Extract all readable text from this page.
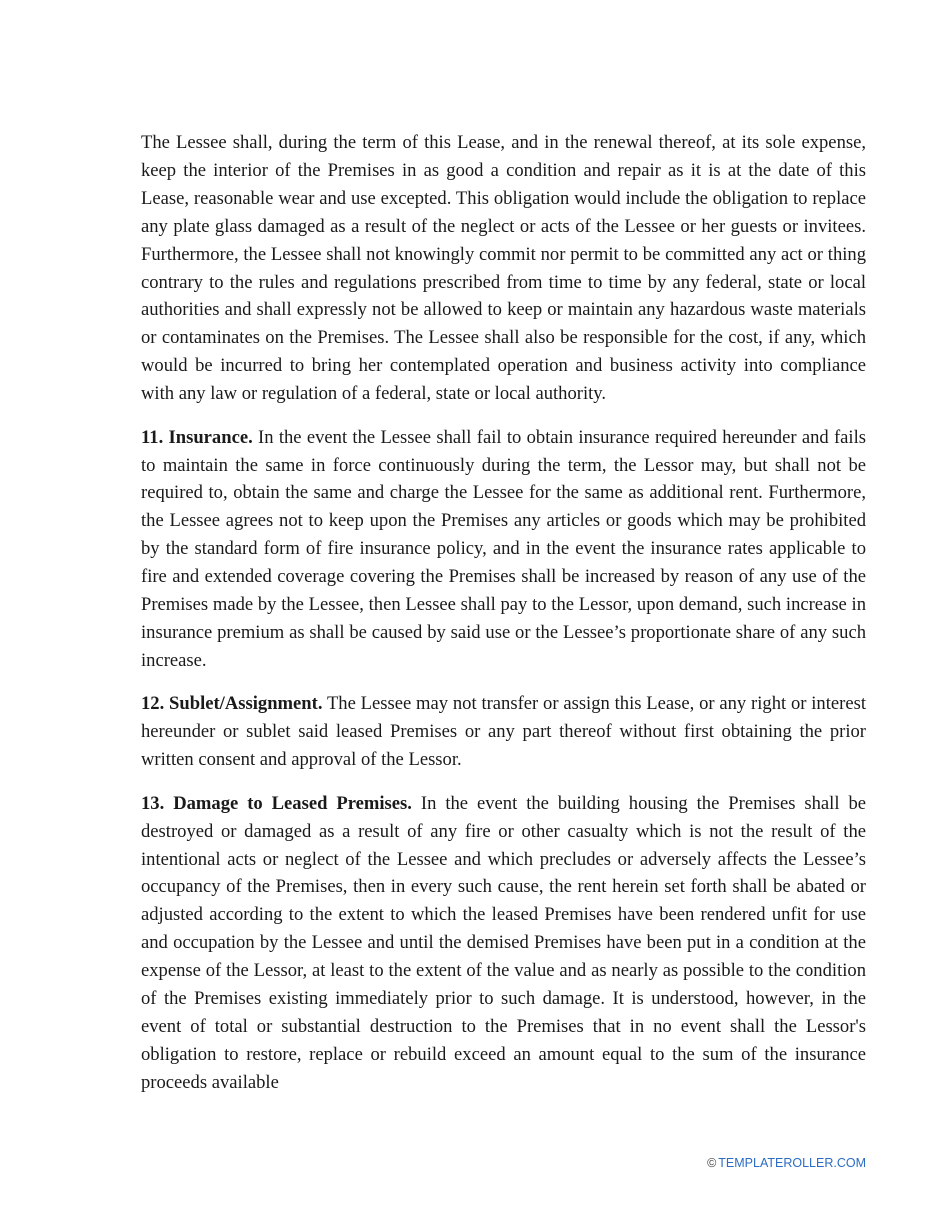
The Lessee shall, during the term of this Lease, and in the renewal thereof, at its sole expense, keep the interior of the Premises in as good a condition and repair as it is at the date of this Lease, reasonable wear and use excepted. This obligation would include the obligation to replace any plate glass damaged as a result of the neglect or acts of the Lessee or her guests or invitees. Furthermore, the Lessee shall not knowingly commit nor permit to be committed any act or thing contrary to the rules and regulations prescribed from time to time by any federal, state or local authorities and shall expressly not be allowed to keep or maintain any hazardous waste materials or contaminates on the Premises. The Lessee shall also be responsible for the cost, if any, which would be incurred to bring her contemplated operation and business activity into compliance with any law or regulation of a federal, state or local authority.

11. Insurance. In the event the Lessee shall fail to obtain insurance required hereunder and fails to maintain the same in force continuously during the term, the Lessor may, but shall not be required to, obtain the same and charge the Lessee for the same as additional rent. Furthermore, the Lessee agrees not to keep upon the Premises any articles or goods which may be prohibited by the standard form of fire insurance policy, and in the event the insurance rates applicable to fire and extended coverage covering the Premises shall be increased by reason of any use of the Premises made by the Lessee, then Lessee shall pay to the Lessor, upon demand, such increase in insurance premium as shall be caused by said use or the Lessee’s proportionate share of any such increase.

12. Sublet/Assignment. The Lessee may not transfer or assign this Lease, or any right or interest hereunder or sublet said leased Premises or any part thereof without first obtaining the prior written consent and approval of the Lessor.

13. Damage to Leased Premises. In the event the building housing the Premises shall be destroyed or damaged as a result of any fire or other casualty which is not the result of the intentional acts or neglect of the Lessee and which precludes or adversely affects the Lessee’s occupancy of the Premises, then in every such cause, the rent herein set forth shall be abated or adjusted according to the extent to which the leased Premises have been rendered unfit for use and occupation by the Lessee and until the demised Premises have been put in a condition at the expense of the Lessor, at least to the extent of the value and as nearly as possible to the condition of the Premises existing immediately prior to such damage. It is understood, however, in the event of total or substantial destruction to the Premises that in no event shall the Lessor's obligation to restore, replace or rebuild exceed an amount equal to the sum of the insurance proceeds available

© TEMPLATEROLLER.COM
